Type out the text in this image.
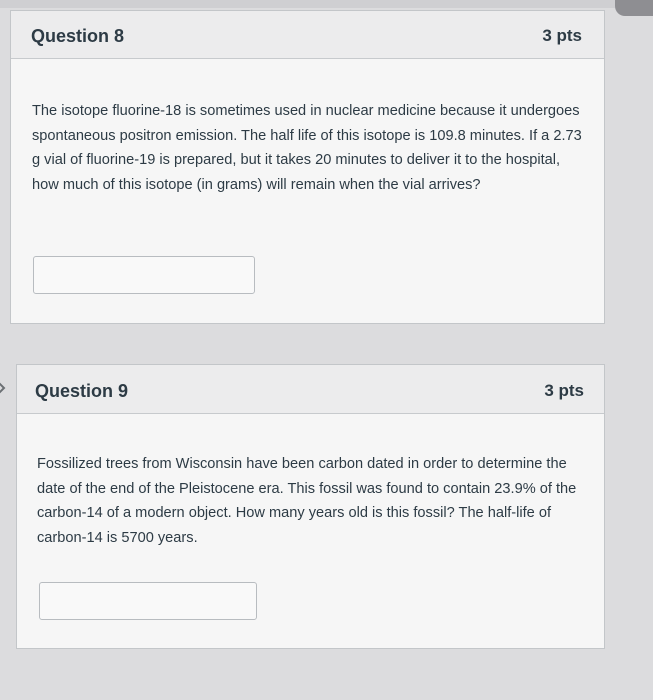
Question 8	3 pts
The isotope fluorine-18 is sometimes used in nuclear medicine because it undergoes spontaneous positron emission. The half life of this isotope is 109.8 minutes. If a 2.73 g vial of fluorine-19 is prepared, but it takes 20 minutes to deliver it to the hospital, how much of this isotope (in grams) will remain when the vial arrives?
Question 9	3 pts
Fossilized trees from Wisconsin have been carbon dated in order to determine the date of the end of the Pleistocene era. This fossil was found to contain 23.9% of the carbon-14 of a modern object. How many years old is this fossil? The half-life of carbon-14 is 5700 years.
